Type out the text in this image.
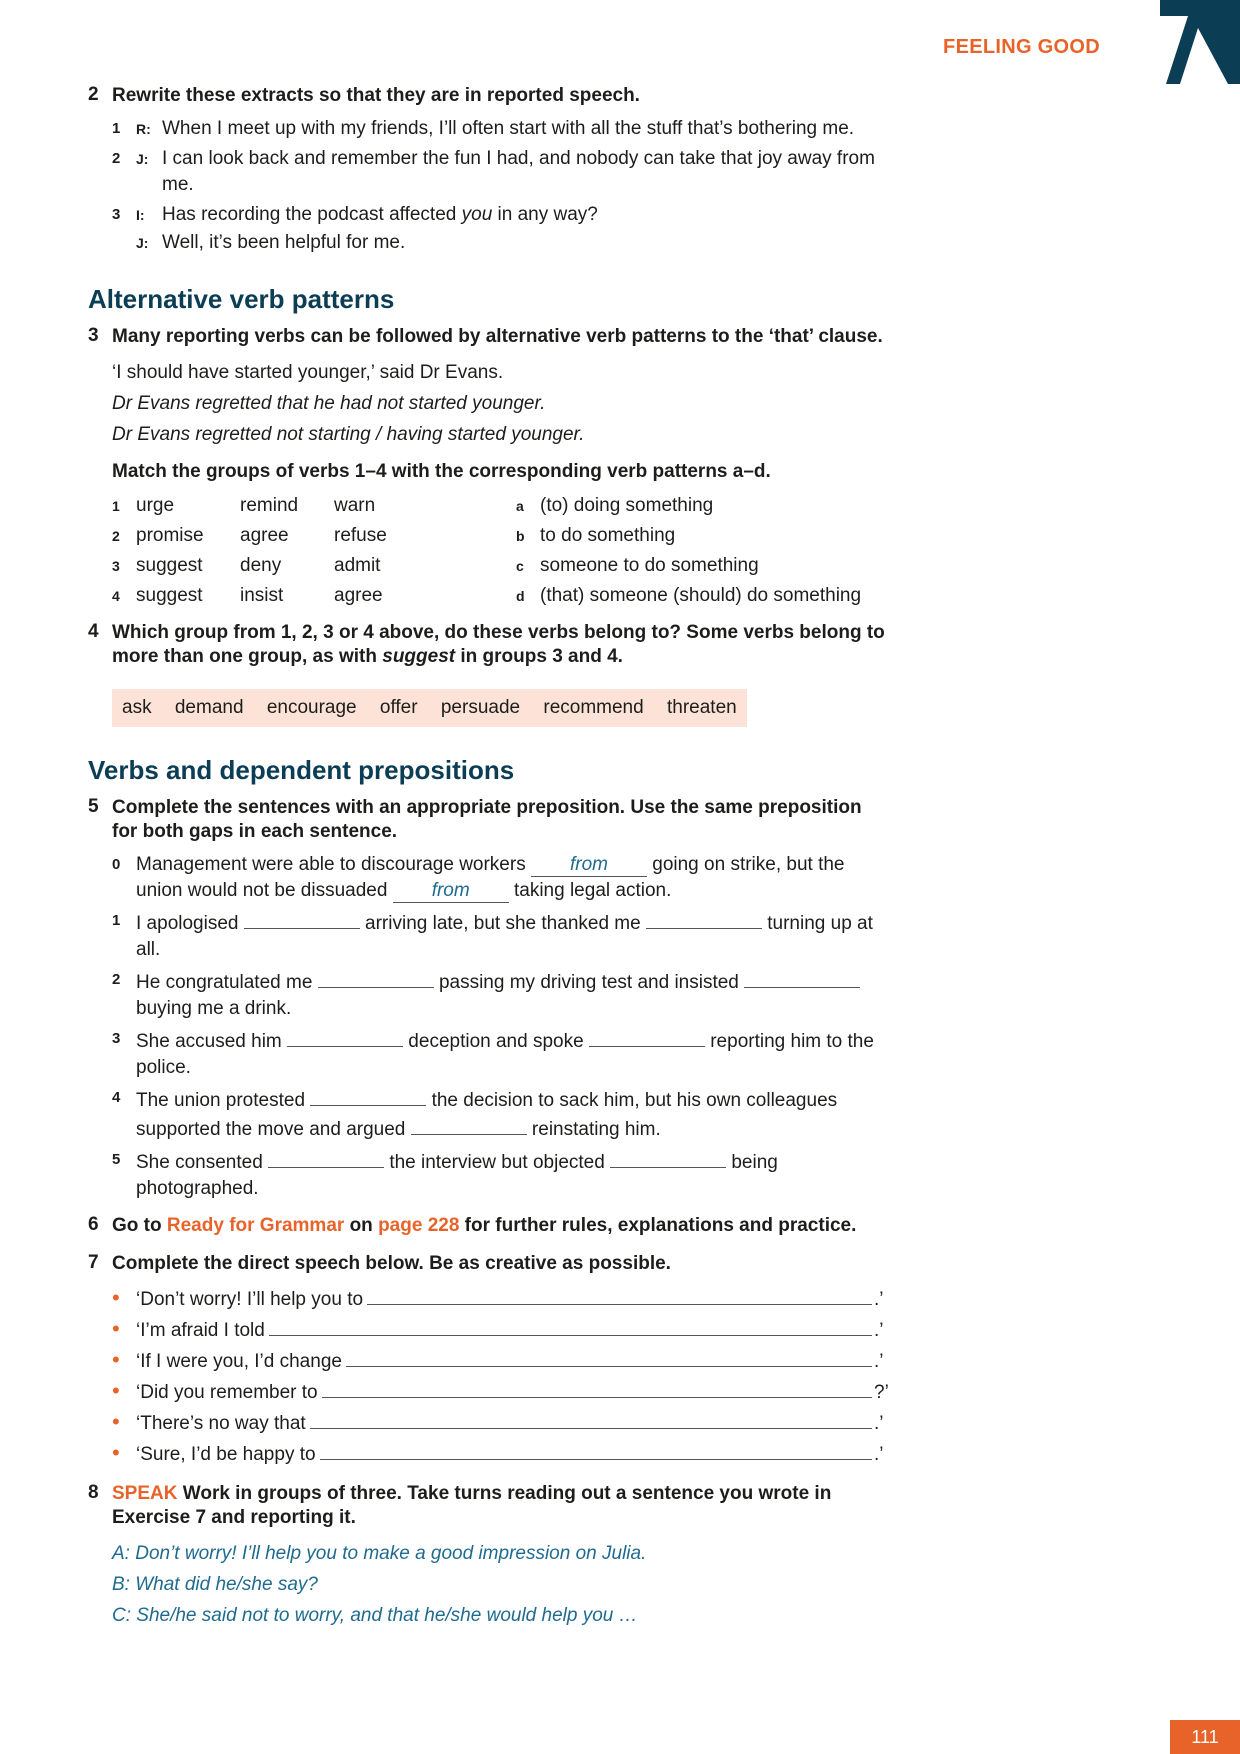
FEELING GOOD
2 Rewrite these extracts so that they are in reported speech.
1	R: When I meet up with my friends, I’ll often start with all the stuff that’s bothering me.
2	J: I can look back and remember the fun I had, and nobody can take that joy away from me.
3	I: Has recording the podcast affected you in any way?
J: Well, it’s been helpful for me.
Alternative verb patterns
3 Many reporting verbs can be followed by alternative verb patterns to the ‘that’ clause.
‘I should have started younger,’ said Dr Evans.
Dr Evans regretted that he had not started younger.
Dr Evans regretted not starting / having started younger.
Match the groups of verbs 1–4 with the corresponding verb patterns a–d.
1 urge	remind	warn	a (to) doing something
2 promise	agree	refuse	b to do something
3 suggest	deny	admit	c someone to do something
4 suggest	insist	agree	d (that) someone (should) do something
4 Which group from 1, 2, 3 or 4 above, do these verbs belong to? Some verbs belong to more than one group, as with suggest in groups 3 and 4.
ask demand encourage offer persuade recommend threaten
Verbs and dependent prepositions
5 Complete the sentences with an appropriate preposition. Use the same preposition for both gaps in each sentence.
0 Management were able to discourage workers from going on strike, but the union would not be dissuaded from taking legal action.
1 I apologised	arriving late, but she thanked me	turning up at all.
2 He congratulated me	passing my driving test and insisted  buying me a drink.
3 She accused him	deception and spoke	reporting him to the police.
4 The union protested	the decision to sack him, but his own colleagues supported the move and argued	reinstating him.
5 She consented	the interview but objected	being photographed.
6 Go to Ready for Grammar on page 228 for further rules, explanations and practice.
7 Complete the direct speech below. Be as creative as possible.
• ‘Don’t worry! I’ll help you to	.’
• ‘I’m afraid I told	.’
• ‘If I were you, I’d change	.’
• ‘Did you remember to	?’
• ‘There’s no way that	.’
• ‘Sure, I’d be happy to	.’
8 SPEAK Work in groups of three. Take turns reading out a sentence you wrote in Exercise 7 and reporting it.
A: Don’t worry! I’ll help you to make a good impression on Julia.
B: What did he/she say?
C: She/he said not to worry, and that he/she would help you …
111
